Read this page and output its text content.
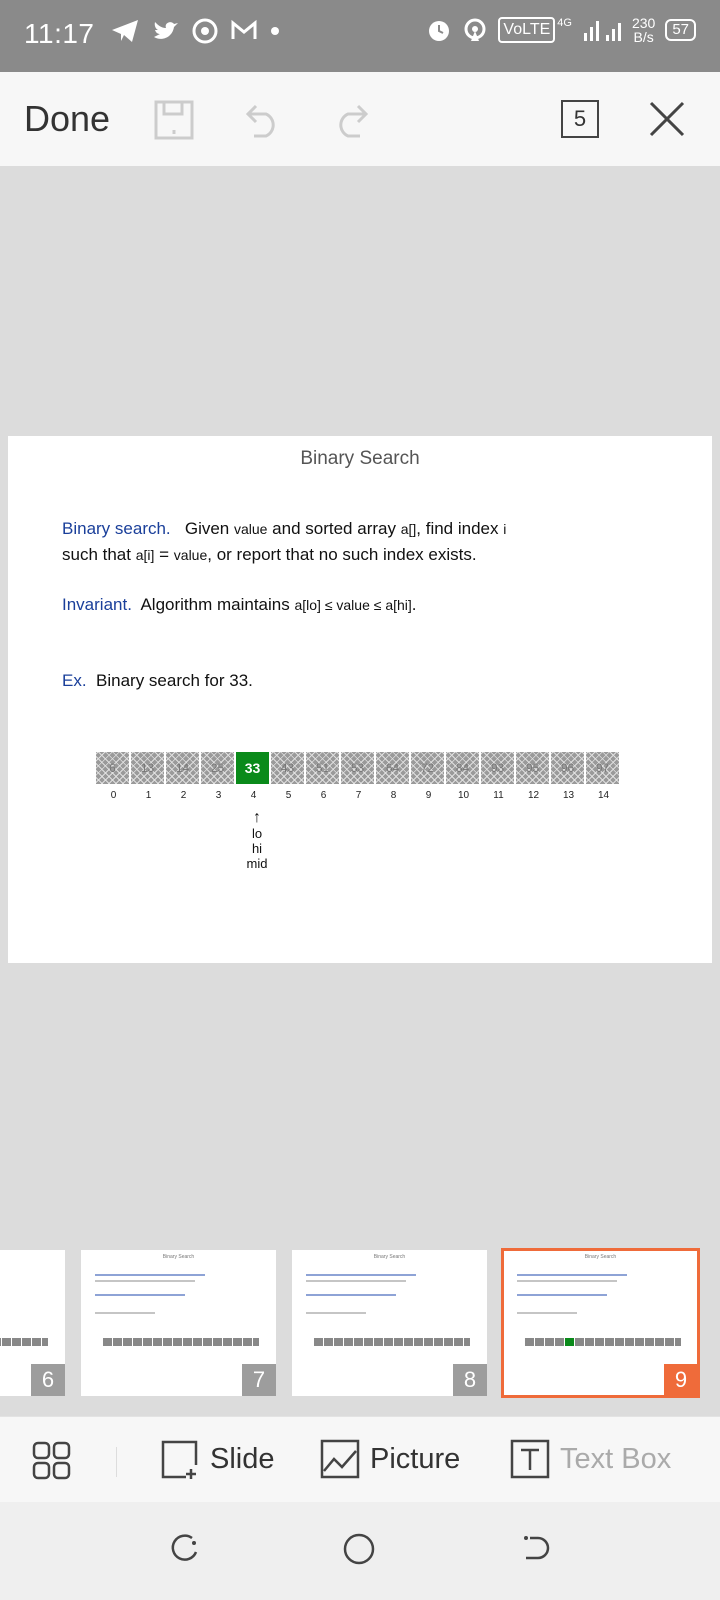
11:17	VoLTE 4G	230
B/s	57
Done	5
Binary Search
Binary search. Given value and sorted array a[], find index i
such that a[i] = value, or report that no such index exists.
Invariant. Algorithm maintains a[lo] ≤ value ≤ a[hi].
Ex. Binary search for 33.
6	13	14	25	33	43	51	53	64	72	84	93	95	96	97
0	1	2	3	4	5	6	7	8	9	10	11	12	13	14
↑
lo
hi
mid
6
Binary Search
7
Binary Search
8
Binary Search
9
Slide	Picture	Text Box
